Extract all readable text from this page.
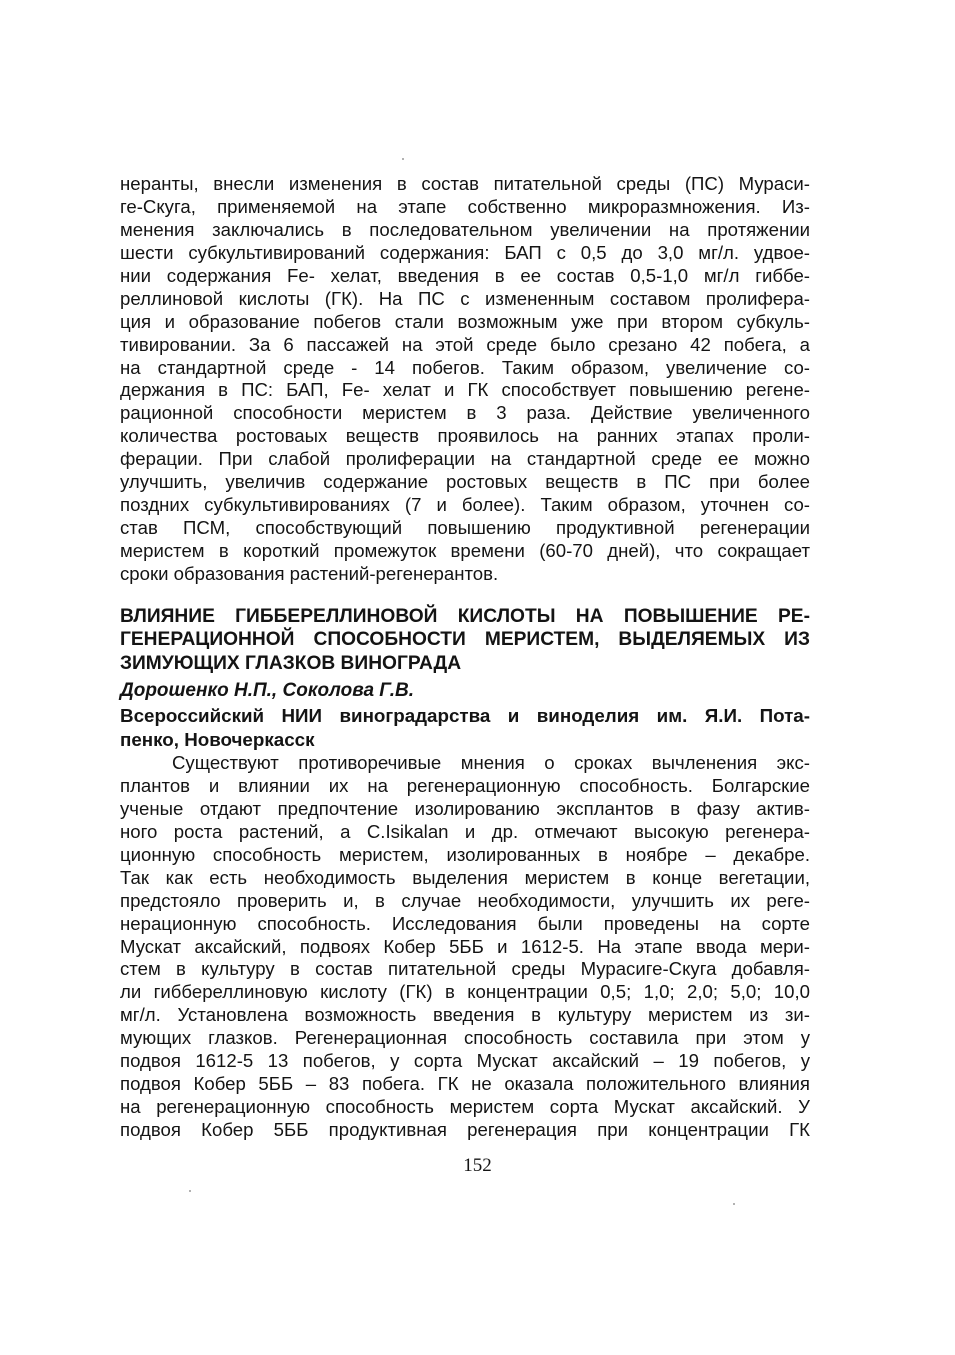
неранты, внесли изменения в состав питательной среды (ПС) Мураси-
ге-Скуга, применяемой на этапе собственно микроразмножения. Из-
менения заключались в последовательном увеличении на протяжении
шести субкультивирований содержания: БАП с 0,5 до 3,0 мг/л. удвое-
нии содержания Fe- хелат, введения в ее состав 0,5-1,0 мг/л гиббе-
реллиновой кислоты (ГК). На ПС с измененным составом пролифера-
ция и образование побегов стали возможным уже при втором субкуль-
тивировании. За 6 пассажей на этой среде было срезано 42 побега, а
на стандартной среде - 14 побегов. Таким образом, увеличение со-
держания в ПС: БАП, Fe- хелат и ГК способствует повышению регене-
рационной способности меристем в 3 раза. Действие увеличенного
количества ростоваых веществ проявилось на ранних этапах проли-
ферации. При слабой пролиферации на стандартной среде ее можно
улучшить, увеличив содержание ростовых веществ в ПС при более
поздних субкультивированиях (7 и более). Таким образом, уточнен со-
став ПСМ, способствующий повышению продуктивной регенерации
меристем в короткий промежуток времени (60-70 дней), что сокращает
сроки образования растений-регенерантов.
ВЛИЯНИЕ ГИББЕРЕЛЛИНОВОЙ КИСЛОТЫ НА ПОВЫШЕНИЕ РЕ-
ГЕНЕРАЦИОННОЙ СПОСОБНОСТИ МЕРИСТЕМ, ВЫДЕЛЯЕМЫХ ИЗ
ЗИМУЮЩИХ ГЛАЗКОВ ВИНОГРАДА
Дорошенко Н.П., Соколова Г.В.
Всероссийский НИИ виноградарства и виноделия им. Я.И. Пота-
пенко, Новочеркасск
Существуют противоречивые мнения о сроках вычленения экс-
плантов и влиянии их на регенерационную способность. Болгарские
ученые отдают предпочтение изолированию эксплантов в фазу актив-
ного роста растений, а C.Isikalan и др. отмечают высокую регенера-
ционную способность меристем, изолированных в ноябре – декабре.
Так как есть необходимость выделения меристем в конце вегетации,
предстояло проверить и, в случае необходимости, улучшить их реге-
нерационную способность. Исследования были проведены на сорте
Мускат аксайский, подвоях Кобер 5ББ и 1612-5. На этапе ввода мери-
стем в культуру в состав питательной среды Мурасиге-Скуга добавля-
ли гиббереллиновую кислоту (ГК) в концентрации 0,5; 1,0; 2,0; 5,0; 10,0
мг/л. Установлена возможность введения в культуру меристем из зи-
мующих глазков. Регенерационная способность составила при этом у
подвоя 1612-5 13 побегов, у сорта Мускат аксайский – 19 побегов, у
подвоя Кобер 5ББ – 83 побега. ГК не оказала положительного влияния
на регенерационную способность меристем сорта Мускат аксайский. У
подвоя Кобер 5ББ продуктивная регенерация при концентрации ГК
152
